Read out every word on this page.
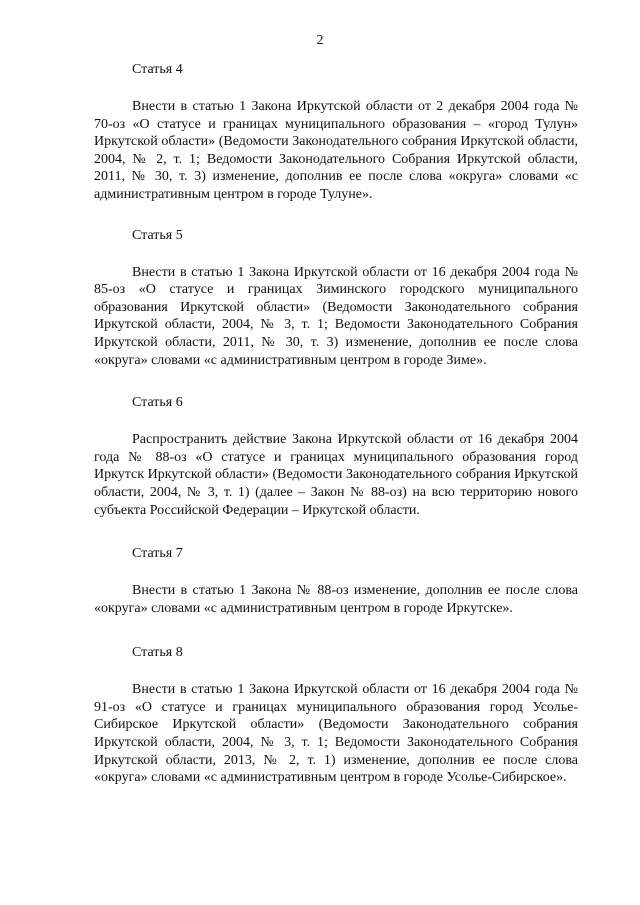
2
Статья 4

Внести в статью 1 Закона Иркутской области от 2 декабря 2004 года № 70-оз «О статусе и границах муниципального образования – «город Тулун» Иркутской области» (Ведомости Законодательного собрания Иркутской области, 2004, № 2, т. 1; Ведомости Законодательного Собрания Иркутской области, 2011, № 30, т. 3) изменение, дополнив ее после слова «округа» словами «с административным центром в городе Тулуне».

Статья 5

Внести в статью 1 Закона Иркутской области от 16 декабря 2004 года № 85-оз «О статусе и границах Зиминского городского муниципального образования Иркутской области» (Ведомости Законодательного собрания Иркутской области, 2004, № 3, т. 1; Ведомости Законодательного Собрания Иркутской области, 2011, № 30, т. 3) изменение, дополнив ее после слова «округа» словами «с административным центром в городе Зиме».

Статья 6

Распространить действие Закона Иркутской области от 16 декабря 2004 года № 88-оз «О статусе и границах муниципального образования город Иркутск Иркутской области» (Ведомости Законодательного собрания Иркутской области, 2004, № 3, т. 1) (далее – Закон № 88-оз) на всю территорию нового субъекта Российской Федерации – Иркутской области.

Статья 7

Внести в статью 1 Закона № 88-оз изменение, дополнив ее после слова «округа» словами «с административным центром в городе Иркутске».

Статья 8

Внести в статью 1 Закона Иркутской области от 16 декабря 2004 года № 91-оз «О статусе и границах муниципального образования город Усолье-Сибирское Иркутской области» (Ведомости Законодательного собрания Иркутской области, 2004, № 3, т. 1; Ведомости Законодательного Собрания Иркутской области, 2013, № 2, т. 1) изменение, дополнив ее после слова «округа» словами «с административным центром в городе Усолье-Сибирское».
